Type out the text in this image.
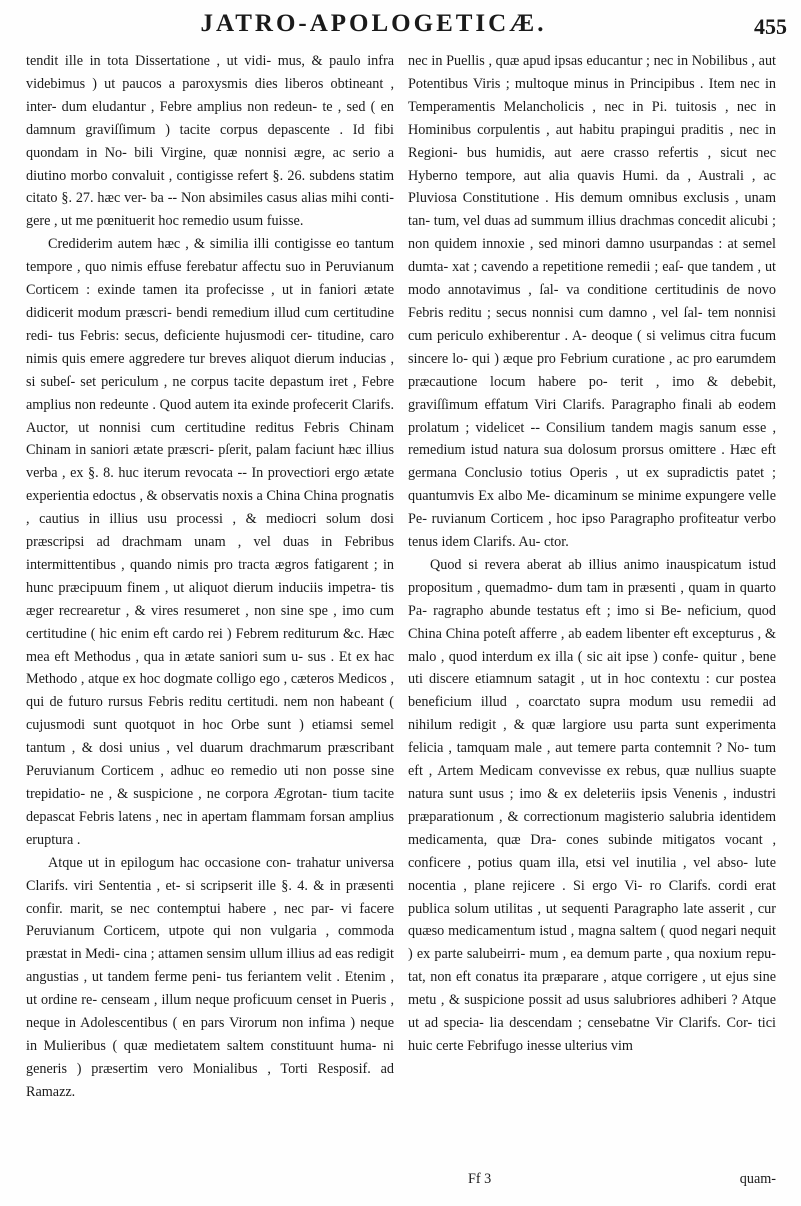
JATRO-APOLOGETICÆ.	455

tendit ille in tota Dissertatione , ut vidi- mus, & paulo infra videbimus ) ut paucos a paroxysmis dies liberos obtineant , inter- dum eludantur , Febre amplius non redeun- te , sed ( en damnum graviſſimum ) tacite corpus depascente . Id fibi quondam in No- bili Virgine, quæ nonnisi ægre, ac serio a diutino morbo convaluit , contigisse refert §. 26. subdens statim citato §. 27. hæc ver- ba -- Non absimiles casus alias mihi conti- gere , ut me pœnituerit hoc remedio usum fuisse.

Crediderim autem hæc , & similia illi contigisse eo tantum tempore , quo nimis effuse ferebatur affectu suo in Peruvianum Corticem : exinde tamen ita profecisse , ut in faniori ætate didicerit modum præscri- bendi remedium illud cum certitudine redi- tus Febris: secus, deficiente hujusmodi cer- titudine, caro nimis quis emere aggredere tur breves aliquot dierum inducias , si subeſ- set periculum , ne corpus tacite depastum iret , Febre amplius non redeunte . Quod autem ita exinde profecerit Clarifs. Auctor, ut nonnisi cum certitudine reditus Febris Chinam Chinam in saniori ætate præscri- pſerit, palam faciunt hæc illius verba , ex §. 8. huc iterum revocata -- In provectiori ergo ætate experientia edoctus , & observatis noxis a China China prognatis , cautius in illius usu processi , & mediocri solum dosi præscripsi ad drachmam unam , vel duas in Febribus intermittentibus , quando nimis pro tracta ægros fatigarent ; in hunc præcipuum finem , ut aliquot dierum induciis impetra- tis æger recrearetur , & vires resumeret , non sine spe , imo cum certitudine ( hic enim eft cardo rei ) Febrem rediturum &c. Hæc mea eft Methodus , qua in ætate saniori sum u- sus . Et ex hac Methodo , atque ex hoc dogmate colligo ego , cæteros Medicos , qui de futuro rursus Febris reditu certitudi. nem non habeant ( cujusmodi sunt quotquot in hoc Orbe sunt ) etiamsi semel tantum , & dosi unius , vel duarum drachmarum præscribant Peruvianum Corticem , adhuc eo remedio uti non posse sine trepidatio- ne , & suspicione , ne corpora Ægrotan- tium tacite depascat Febris latens , nec in apertam flammam forsan amplius eruptura .

Atque ut in epilogum hac occasione con- trahatur universa Clarifs. viri Sententia , et- si scripserit ille §. 4. & in præsenti confir. marit, se nec contemptui habere , nec par- vi facere Peruvianum Corticem, utpote qui non vulgaria , commoda præstat in Medi- cina ; attamen sensim ullum illius ad eas redigit angustias , ut tandem ferme peni- tus feriantem velit . Etenim , ut ordine re- censeam , illum neque proficuum censet in Pueris , neque in Adolescentibus ( en pars Virorum non infima ) neque in Mulieribus ( quæ medietatem saltem constituunt huma- ni generis ) præsertim vero Monialibus , Torti Resposif. ad Ramazz.

nec in Puellis , quæ apud ipsas educantur ; nec in Nobilibus , aut Potentibus Viris ; multoque minus in Principibus . Item nec in Temperamentis Melancholicis , nec in Pi. tuitosis , nec in Hominibus corpulentis , aut habitu prapingui praditis , nec in Regioni- bus humidis, aut aere crasso refertis , sicut nec Hyberno tempore, aut alia quavis Humi. da , Australi , ac Pluviosa Constitutione . His demum omnibus exclusis , unam tan- tum, vel duas ad summum illius drachmas concedit alicubi ; non quidem innoxie , sed minori damno usurpandas : at semel dumta- xat ; cavendo a repetitione remedii ; eaſ- que tandem , ut modo annotavimus , ſal- va conditione certitudinis de novo Febris reditu ; secus nonnisi cum damno , vel ſal- tem nonnisi cum periculo exhiberentur . A- deoque ( si velimus citra fucum sincere lo- qui ) æque pro Febrium curatione , ac pro earumdem præcautione locum habere po- terit , imo & debebit, graviſſimum effatum Viri Clarifs. Paragrapho finali ab eodem prolatum ; videlicet -- Consilium tandem magis sanum esse , remedium istud natura sua dolosum prorsus omittere . Hæc eft germana Conclusio totius Operis , ut ex supradictis patet ; quantumvis Ex albo Me- dicaminum se minime expungere velle Pe- ruvianum Corticem , hoc ipso Paragrapho profiteatur verbo tenus idem Clarifs. Au- ctor.

Quod si revera aberat ab illius animo inauspicatum istud propositum , quemadmo- dum tam in præsenti , quam in quarto Pa- ragrapho abunde testatus eft ; imo si Be- neficium, quod China China poteſt afferre , ab eadem libenter eft excepturus , & malo , quod interdum ex illa ( sic ait ipse ) confe- quitur , bene uti discere etiamnum satagit , ut in hoc contextu : cur postea beneficium illud , coarctato supra modum usu remedii ad nihilum redigit , & quæ largiore usu parta sunt experimenta felicia , tamquam male , aut temere parta contemnit ? No- tum eft , Artem Medicam convevisse ex rebus, quæ nullius suapte natura sunt usus ; imo & ex deleteriis ipsis Venenis , industri præparationum , & correctionum magisterio salubria identidem medicamenta, quæ Dra- cones subinde mitigatos vocant , conficere , potius quam illa, etsi vel inutilia , vel abso- lute nocentia , plane rejicere . Si ergo Vi- ro Clarifs. cordi erat publica solum utilitas , ut sequenti Paragrapho late asserit , cur quæso medicamentum istud , magna saltem ( quod negari nequit ) ex parte salubeirri- mum , ea demum parte , qua noxium repu- tat, non eft conatus ita præparare , atque corrigere , ut ejus sine metu , & suspicione possit ad usus salubriores adhiberi ? Atque ut ad specia- lia descendam ; censebatne Vir Clarifs. Cor- tici huic certe Febrifugo inesse ulterius vim

Ff 3	quam-
